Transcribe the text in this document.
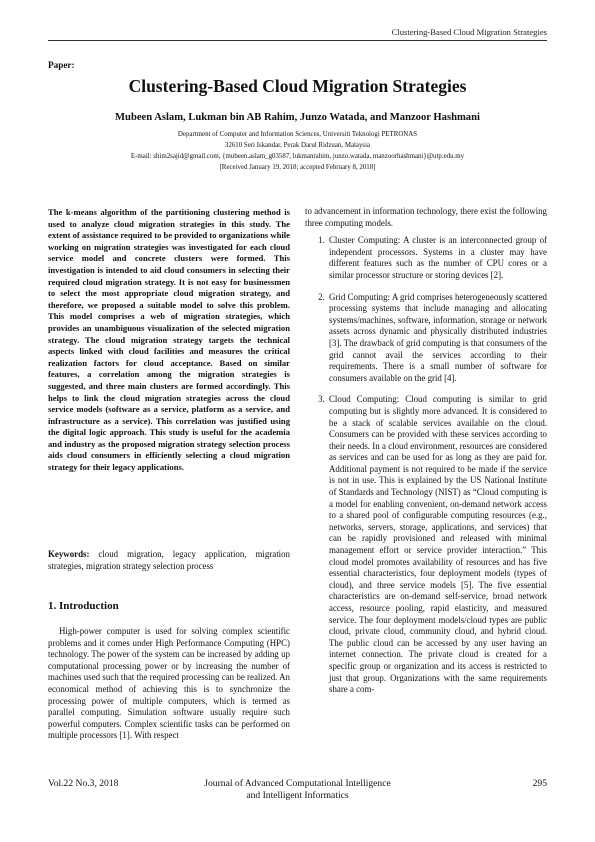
Clustering-Based Cloud Migration Strategies
Paper:
Clustering-Based Cloud Migration Strategies
Mubeen Aslam, Lukman bin AB Rahim, Junzo Watada, and Manzoor Hashmani
Department of Computer and Information Sciences, Universiti Teknologi PETRONAS
32610 Seri Iskandar, Perak Darul Ridzuan, Malaysia
E-mail: shim2sajid@gmail.com, {mubeen.aslam_g03587, lukmanrahim, junzo.watada, manzoorhashmani}@utp.edu.my
[Received January 19, 2018; accepted February 8, 2018]
The k-means algorithm of the partitioning clustering method is used to analyze cloud migration strategies in this study. The extent of assistance required to be provided to organizations while working on migration strategies was investigated for each cloud service model and concrete clusters were formed. This investigation is intended to aid cloud consumers in selecting their required cloud migration strategy. It is not easy for businessmen to select the most appropriate cloud migration strategy, and therefore, we proposed a suitable model to solve this problem. This model comprises a web of migration strategies, which provides an unambiguous visualization of the selected migration strategy. The cloud migration strategy targets the technical aspects linked with cloud facilities and measures the critical realization factors for cloud acceptance. Based on similar features, a correlation among the migration strategies is suggested, and three main clusters are formed accordingly. This helps to link the cloud migration strategies across the cloud service models (software as a service, platform as a service, and infrastructure as a service). This correlation was justified using the digital logic approach. This study is useful for the academia and industry as the proposed migration strategy selection process aids cloud consumers in efficiently selecting a cloud migration strategy for their legacy applications.
Keywords: cloud migration, legacy application, migration strategies, migration strategy selection process
1. Introduction
High-power computer is used for solving complex scientific problems and it comes under High Performance Computing (HPC) technology. The power of the system can be increased by adding up computational processing power or by increasing the number of machines used such that the required processing can be realized. An economical method of achieving this is to synchronize the processing power of multiple computers, which is termed as parallel computing. Simulation software usually require such powerful computers. Complex scientific tasks can be performed on multiple processors [1]. With respect

to advancement in information technology, there exist the following three computing models.

1. Cluster Computing: A cluster is an interconnected group of independent processors. Systems in a cluster may have different features such as the number of CPU cores or a similar processor structure or storing devices [2].
2. Grid Computing: A grid comprises heterogeneously scattered processing systems that include managing and allocating systems/machines, software, information, storage or network assets across dynamic and physically distributed industries [3]. The drawback of grid computing is that consumers of the grid cannot avail the services according to their requirements. There is a small number of software for consumers available on the grid [4].
3. Cloud Computing: Cloud computing is similar to grid computing but is slightly more advanced. It is considered to be a stack of scalable services available on the cloud. Consumers can be provided with these services according to their needs. In a cloud environment, resources are considered as services and can be used for as long as they are paid for. Additional payment is not required to be made if the service is not in use. This is explained by the US National Institute of Standards and Technology (NIST) as “Cloud computing is a model for enabling convenient, on-demand network access to a shared pool of configurable computing resources (e.g., networks, servers, storage, applications, and services) that can be rapidly provisioned and released with minimal management effort or service provider interaction.” This cloud model promotes availability of resources and has five essential characteristics, four deployment models (types of cloud), and three service models [5]. The five essential characteristics are on-demand self-service, broad network access, resource pooling, rapid elasticity, and measured service. The four deployment models/cloud types are public cloud, private cloud, community cloud, and hybrid cloud. The public cloud can be accessed by any user having an internet connection. The private cloud is created for a specific group or organization and its access is restricted to just that group. Organizations with the same requirements share a com-
Vol.22 No.3, 2018	Journal of Advanced Computational Intelligence
and Intelligent Informatics
295
